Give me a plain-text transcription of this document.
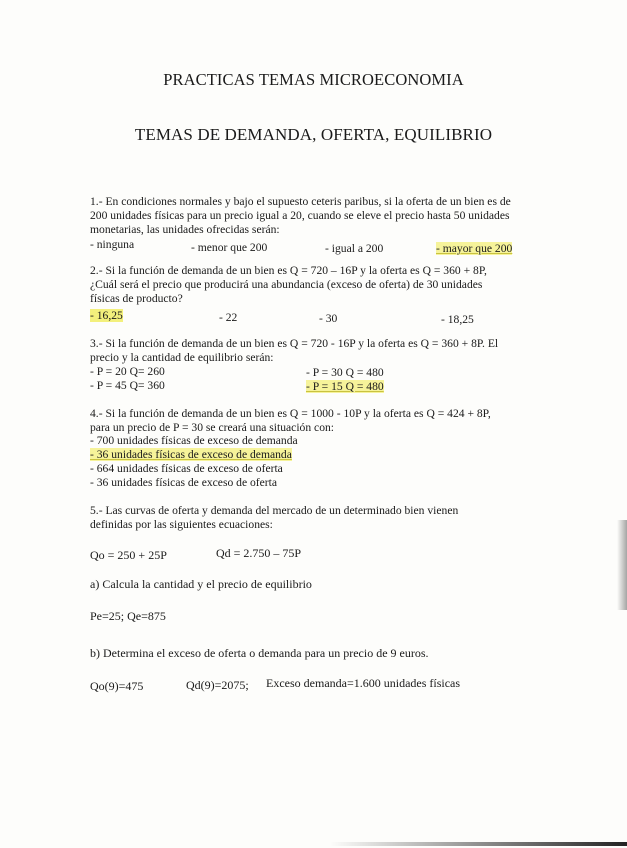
PRACTICAS TEMAS MICROECONOMIA
TEMAS DE DEMANDA, OFERTA, EQUILIBRIO
1.- En condiciones normales y bajo el supuesto ceteris paribus, si la oferta de un bien es de
200 unidades físicas para un precio igual a 20, cuando se eleve el precio hasta 50 unidades
monetarias, las unidades ofrecidas serán:
- ninguna	- menor que 200	- igual a 200	- mayor que 200
2.- Si la función de demanda de un bien es Q = 720 – 16P y la oferta es Q = 360 + 8P,
¿Cuál será el precio que producirá una abundancia (exceso de oferta) de 30 unidades
físicas de producto?
- 16,25	- 22	- 30	- 18,25
3.- Si la función de demanda de un bien es Q = 720 - 16P y la oferta es Q = 360 + 8P. El
precio y la cantidad de equilibrio serán:
- P = 20 Q= 260
- P = 45 Q= 360
- P = 30 Q = 480
- P = 15 Q = 480
4.- Si la función de demanda de un bien es Q = 1000 - 10P y la oferta es Q = 424 + 8P,
para un precio de P = 30 se creará una situación con:
- 700 unidades físicas de exceso de demanda
- 36 unidades físicas de exceso de demanda
- 664 unidades físicas de exceso de oferta
- 36 unidades físicas de exceso de oferta
5.- Las curvas de oferta y demanda del mercado de un determinado bien vienen
definidas por las siguientes ecuaciones:
Qo = 250 + 25P	Qd = 2.750 – 75P
a) Calcula la cantidad y el precio de equilibrio
Pe=25; Qe=875
b) Determina el exceso de oferta o demanda para un precio de 9 euros.
Qo(9)=475	Qd(9)=2075; Exceso demanda=1.600 unidades físicas
